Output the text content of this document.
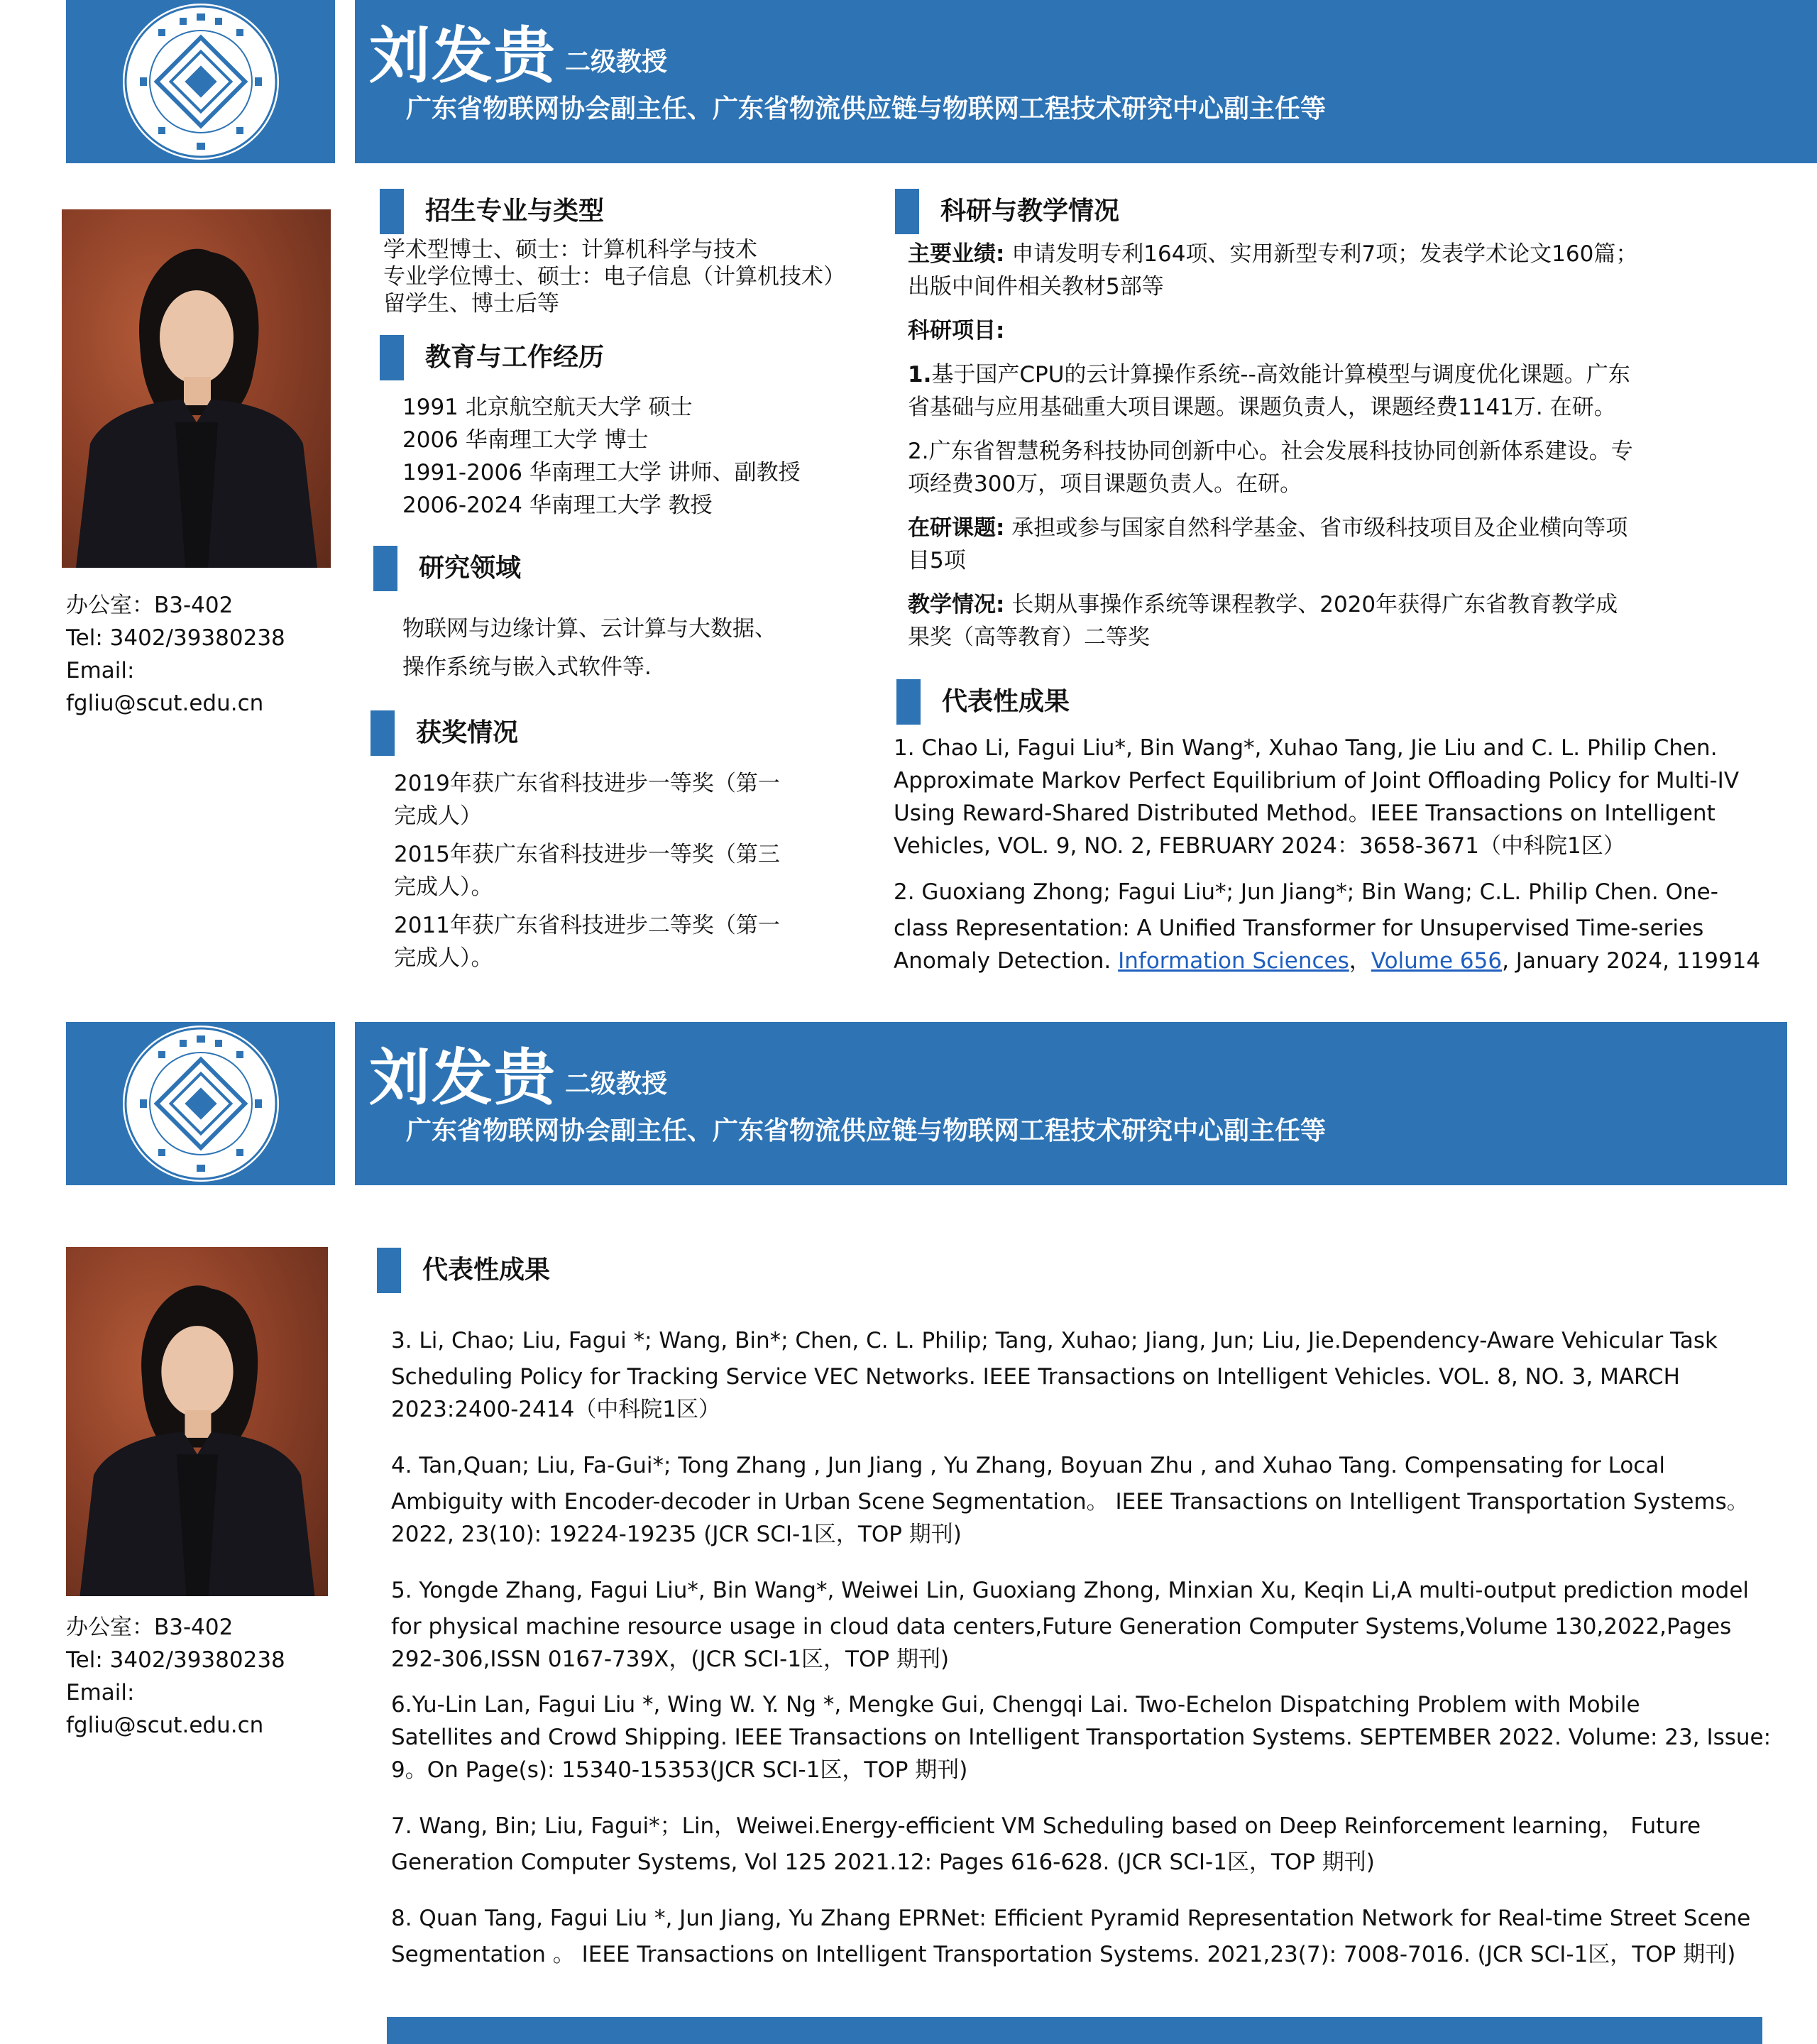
刘发贵 二级教授
广东省物联网协会副主任、广东省物流供应链与物联网工程技术研究中心副主任等
办公室：B3-402
Tel: 3402/39380238
Email:
fgliu@scut.edu.cn
招生专业与类型
学术型博士、硕士：计算机科学与技术
专业学位博士、硕士：电子信息（计算机技术）
留学生、博士后等
教育与工作经历
1991 北京航空航天大学 硕士
2006 华南理工大学 博士
1991-2006 华南理工大学 讲师、副教授
2006-2024 华南理工大学 教授
研究领域
物联网与边缘计算、云计算与大数据、
操作系统与嵌入式软件等.
获奖情况
2019年获广东省科技进步一等奖（第一
完成人）
2015年获广东省科技进步一等奖（第三
完成人）。
2011年获广东省科技进步二等奖（第一
完成人）。
科研与教学情况
主要业绩: 申请发明专利164项、实用新型专利7项；发表学术论文160篇；
出版中间件相关教材5部等
科研项目:
1.基于国产CPU的云计算操作系统--高效能计算模型与调度优化课题。广东
省基础与应用基础重大项目课题。课题负责人，课题经费1141万. 在研。
2.广东省智慧税务科技协同创新中心。社会发展科技协同创新体系建设。专
项经费300万，项目课题负责人。在研。
在研课题: 承担或参与国家自然科学基金、省市级科技项目及企业横向等项
目5项
教学情况: 长期从事操作系统等课程教学、2020年获得广东省教育教学成
果奖（高等教育）二等奖
代表性成果
1. Chao Li, Fagui Liu*, Bin Wang*, Xuhao Tang, Jie Liu and C. L. Philip Chen.
Approximate Markov Perfect Equilibrium of Joint Offloading Policy for Multi-IV
Using Reward-Shared Distributed Method。IEEE Transactions on Intelligent
Vehicles, VOL. 9, NO. 2, FEBRUARY 2024：3658-3671（中科院1区）
2. Guoxiang Zhong; Fagui Liu*; Jun Jiang*; Bin Wang; C.L. Philip Chen. One-
class Representation: A Unified Transformer for Unsupervised Time-series
Anomaly Detection. Information Sciences，Volume 656, January 2024, 119914
刘发贵 二级教授
广东省物联网协会副主任、广东省物流供应链与物联网工程技术研究中心副主任等
办公室：B3-402
Tel: 3402/39380238
Email:
fgliu@scut.edu.cn
代表性成果
3. Li, Chao; Liu, Fagui *; Wang, Bin*; Chen, C. L. Philip; Tang, Xuhao; Jiang, Jun; Liu, Jie.Dependency-Aware Vehicular Task
Scheduling Policy for Tracking Service VEC Networks. IEEE Transactions on Intelligent Vehicles. VOL. 8, NO. 3, MARCH
2023:2400-2414（中科院1区）
4. Tan,Quan; Liu, Fa-Gui*; Tong Zhang , Jun Jiang , Yu Zhang, Boyuan Zhu , and Xuhao Tang. Compensating for Local
Ambiguity with Encoder-decoder in Urban Scene Segmentation。 IEEE Transactions on Intelligent Transportation Systems。
2022, 23(10): 19224-19235 (JCR SCI-1区，TOP 期刊)
5. Yongde Zhang, Fagui Liu*, Bin Wang*, Weiwei Lin, Guoxiang Zhong, Minxian Xu, Keqin Li,A multi-output prediction model
for physical machine resource usage in cloud data centers,Future Generation Computer Systems,Volume 130,2022,Pages
292-306,ISSN 0167-739X，(JCR SCI-1区，TOP 期刊)
6.Yu-Lin Lan, Fagui Liu *, Wing W. Y. Ng *, Mengke Gui, Chengqi Lai. Two-Echelon Dispatching Problem with Mobile
Satellites and Crowd Shipping. IEEE Transactions on Intelligent Transportation Systems. SEPTEMBER 2022. Volume: 23, Issue:
9。On Page(s): 15340-15353(JCR SCI-1区，TOP 期刊)
7. Wang, Bin; Liu, Fagui*；Lin，Weiwei.Energy-efficient VM Scheduling based on Deep Reinforcement learning， Future
Generation Computer Systems, Vol 125 2021.12: Pages 616-628. (JCR SCI-1区，TOP 期刊)
8. Quan Tang, Fagui Liu *, Jun Jiang, Yu Zhang EPRNet: Efficient Pyramid Representation Network for Real-time Street Scene
Segmentation 。 IEEE Transactions on Intelligent Transportation Systems. 2021,23(7): 7008-7016. (JCR SCI-1区，TOP 期刊)
